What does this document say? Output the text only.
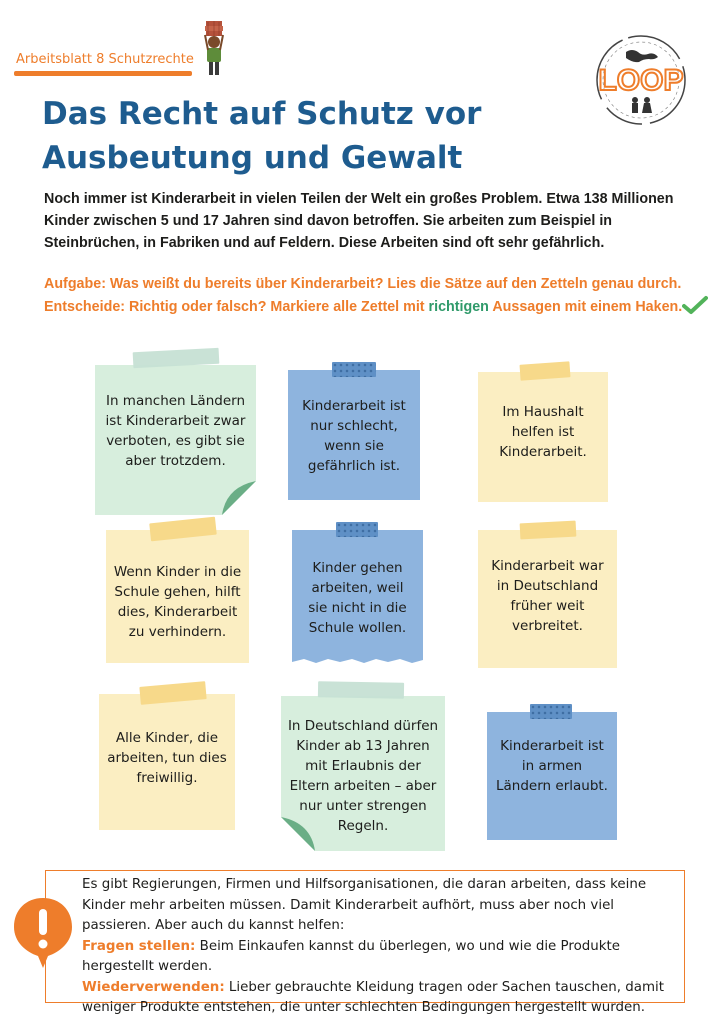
Arbeitsblatt 8 Schutzrechte
LOOP
Das Recht auf Schutz vor
Ausbeutung und Gewalt
Noch immer ist Kinderarbeit in vielen Teilen der Welt ein großes Problem. Etwa 138 Millionen Kinder zwischen 5 und 17 Jahren sind davon betroffen. Sie arbeiten zum Beispiel in Steinbrüchen, in Fabriken und auf Feldern. Diese Arbeiten sind oft sehr gefährlich.
Aufgabe: Was weißt du bereits über Kinderarbeit? Lies die Sätze auf den Zetteln genau durch.
Entscheide: Richtig oder falsch? Markiere alle Zettel mit richtigen Aussagen mit einem Haken.
In manchen Ländern ist Kinderarbeit zwar verboten, es gibt sie aber trotzdem.
Kinderarbeit ist nur schlecht, wenn sie gefährlich ist.
Im Haushalt helfen ist Kinderarbeit.
Wenn Kinder in die Schule gehen, hilft dies, Kinderarbeit zu verhindern.
Kinder gehen arbeiten, weil sie nicht in die Schule wollen.
Kinderarbeit war in Deutschland früher weit verbreitet.
Alle Kinder, die arbeiten, tun dies freiwillig.
In Deutschland dürfen Kinder ab 13 Jahren mit Erlaubnis der Eltern arbeiten – aber nur unter strengen Regeln.
Kinderarbeit ist in armen Ländern erlaubt.
Es gibt Regierungen, Firmen und Hilfsorganisationen, die daran arbeiten, dass keine Kinder mehr arbeiten müssen. Damit Kinderarbeit aufhört, muss aber noch viel passieren. Aber auch du kannst helfen:
Fragen stellen: Beim Einkaufen kannst du überlegen, wo und wie die Produkte hergestellt werden.
Wiederverwenden: Lieber gebrauchte Kleidung tragen oder Sachen tauschen, damit weniger Produkte entstehen, die unter schlechten Bedingungen hergestellt wurden.
